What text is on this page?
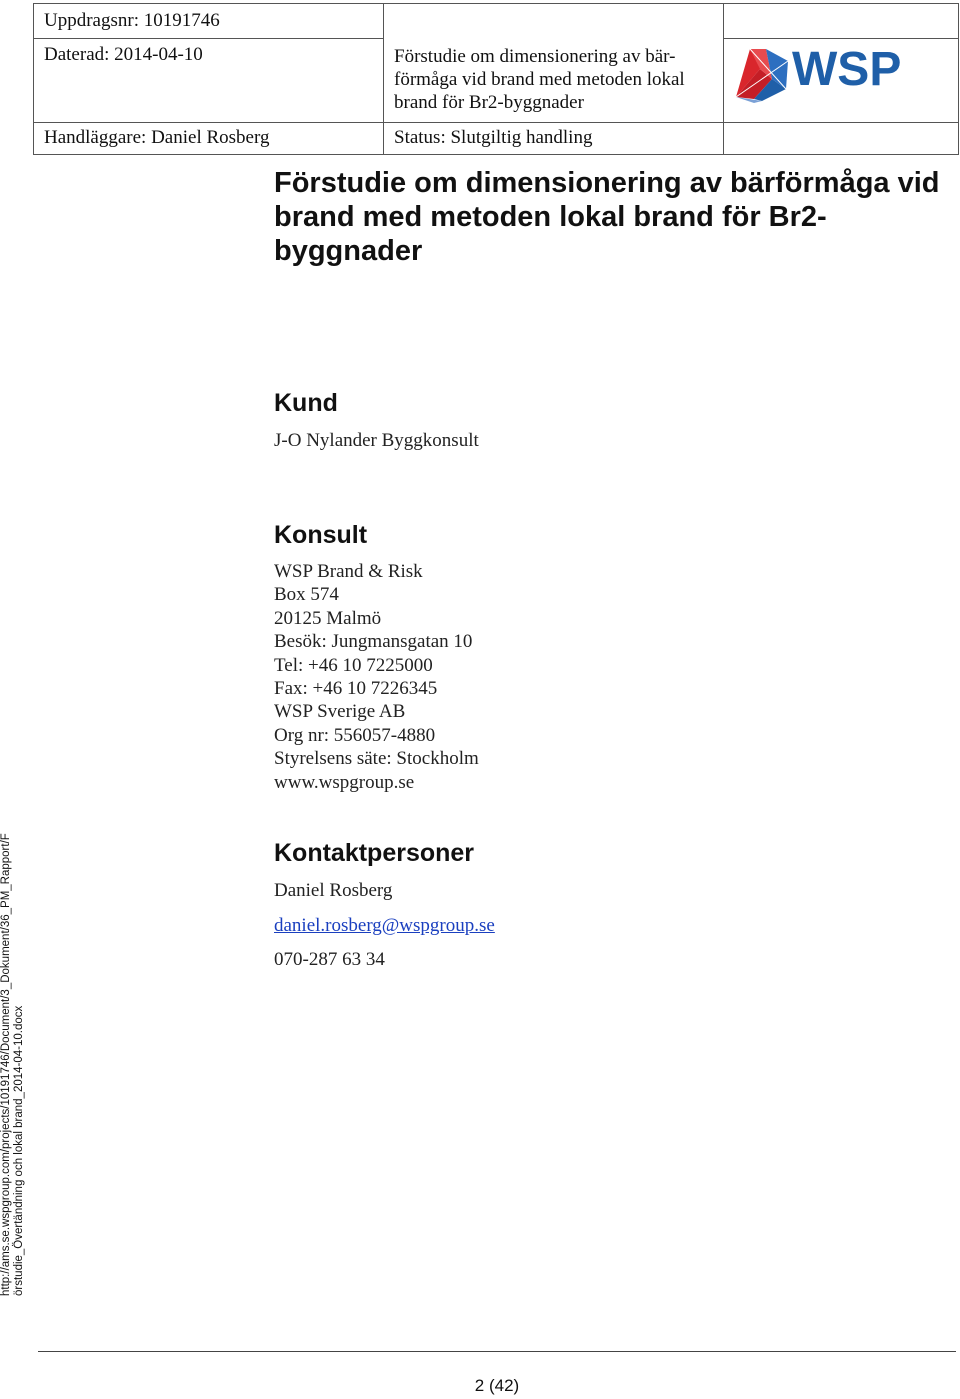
Uppdragsnr: 10191746
Daterad: 2014-04-10	Förstudie om dimensionering av bär-förmåga vid brand med metoden lokal brand för Br2-byggnader
WSP
Handläggare: Daniel Rosberg	Status: Slutgiltig handling
Förstudie om dimensionering av bärförmåga vid brand med metoden lokal brand för Br2-byggnader
Kund
J-O Nylander Byggkonsult
Konsult
WSP Brand & Risk
Box 574
20125 Malmö
Besök: Jungmansgatan 10
Tel: +46 10 7225000
Fax: +46 10 7226345
WSP Sverige AB
Org nr: 556057-4880
Styrelsens säte: Stockholm
www.wspgroup.se
Kontaktpersoner
Daniel Rosberg
daniel.rosberg@wspgroup.se
070-287 63 34
http://ams.se.wspgroup.com/projects/10191746/Document/3_Dokument/36_PM_Rapport/F örstudie_Övertändning och lokal brand_2014-04-10.docx
2 (42)
